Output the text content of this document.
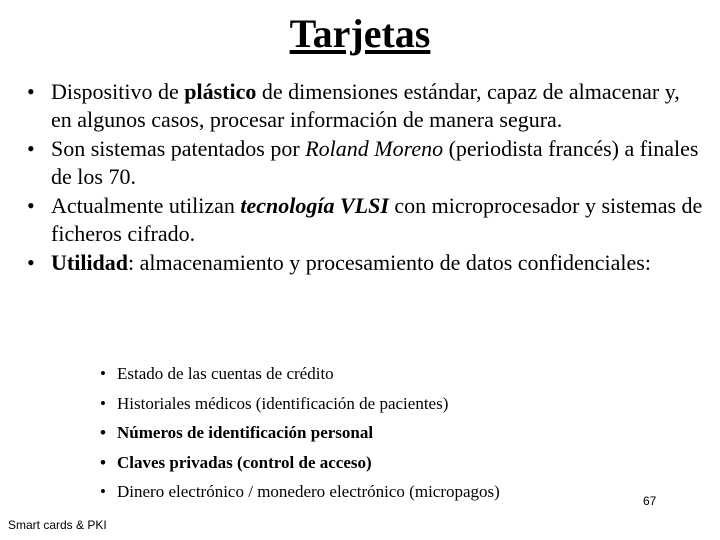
Tarjetas
• Dispositivo de plástico de dimensiones estándar, capaz de almacenar y, en algunos casos, procesar información de manera segura.
• Son sistemas patentados por Roland Moreno (periodista francés) a finales de los 70.
• Actualmente utilizan tecnología VLSI con microprocesador y sistemas de ficheros cifrado.
• Utilidad: almacenamiento y procesamiento de datos confidenciales:
• Estado de las cuentas de crédito
• Historiales médicos (identificación de pacientes)
• Números de identificación personal
• Claves privadas (control de acceso)
• Dinero electrónico / monedero electrónico (micropagos)	67
Smart cards & PKI
